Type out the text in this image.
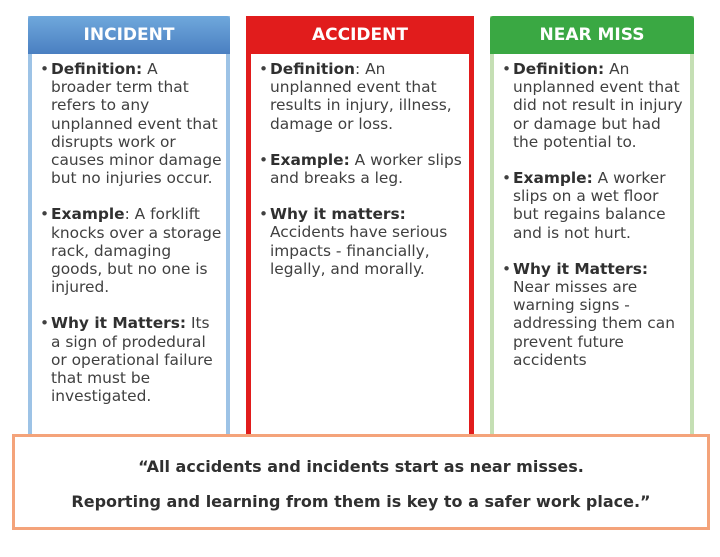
INCIDENT
• Definition: A broader term that refers to any unplanned event that disrupts work or causes minor damage but no injuries occur.
• Example: A forklift knocks over a storage rack, damaging goods, but no one is injured.
• Why it Matters: Its a sign of prodedural or operational failure that must be investigated.
ACCIDENT
• Definition: An unplanned event that results in injury, illness, damage or loss.
• Example: A worker slips and breaks a leg.
• Why it matters: Accidents have serious impacts - financially, legally, and morally.
NEAR MISS
• Definition: An unplanned event that did not result in injury or damage but had the potential to.
• Example: A worker slips on a wet floor but regains balance and is not hurt.
• Why it Matters: Near misses are warning signs - addressing them can prevent future accidents
“All accidents and incidents start as near misses.
Reporting and learning from them is key to a safer work place.”
